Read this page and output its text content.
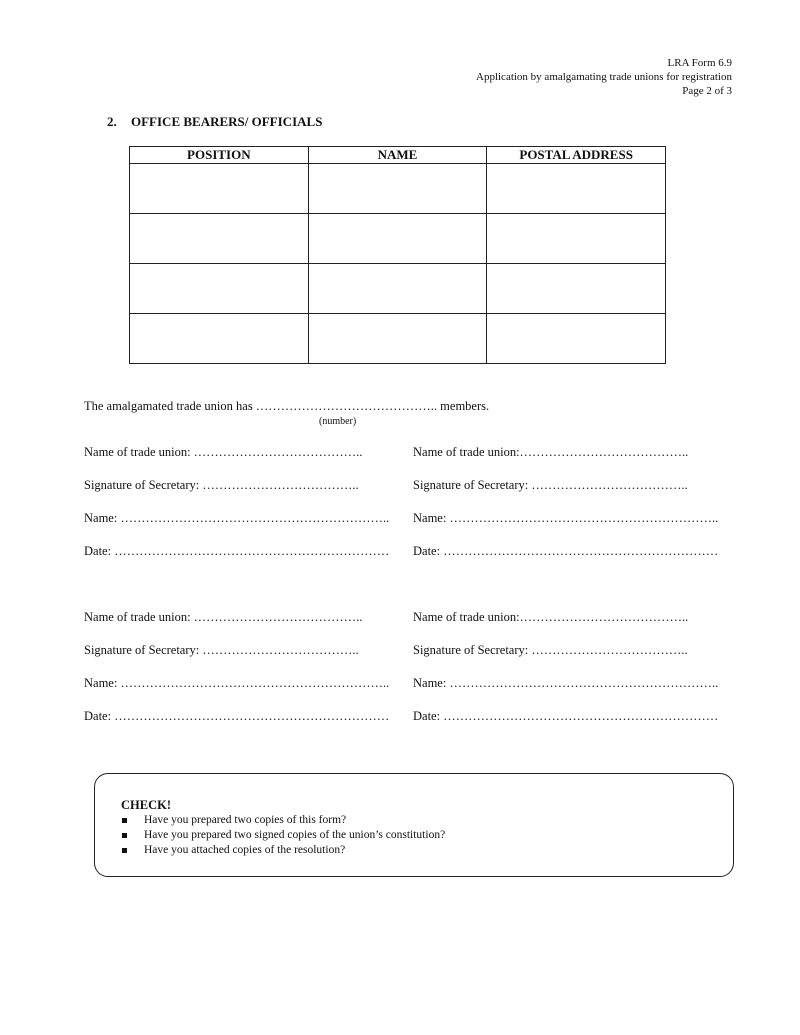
LRA Form 6.9
Application by amalgamating trade unions for registration
Page 2 of 3
2. OFFICE BEARERS/ OFFICIALS
POSITION	NAME	POSTAL ADDRESS

The amalgamated trade union has …………………………………….. members.
(number)
Name of trade union: …………………………………..	Name of trade union:…………………………………..
Signature of Secretary: ………………………………..	Signature of Secretary: ………………………………..
Name: ……………………………………………………….. Name: ………………………………………………………..
Date: ………………………………………………………… Date: …………………………………………………………
Name of trade union: …………………………………..	Name of trade union:…………………………………..
Signature of Secretary: ………………………………..	Signature of Secretary: ………………………………..
Name: ……………………………………………………….. Name: ………………………………………………………..
Date: ………………………………………………………… Date: …………………………………………………………
CHECK!
Have you prepared two copies of this form?
Have you prepared two signed copies of the union’s constitution?
Have you attached copies of the resolution?
